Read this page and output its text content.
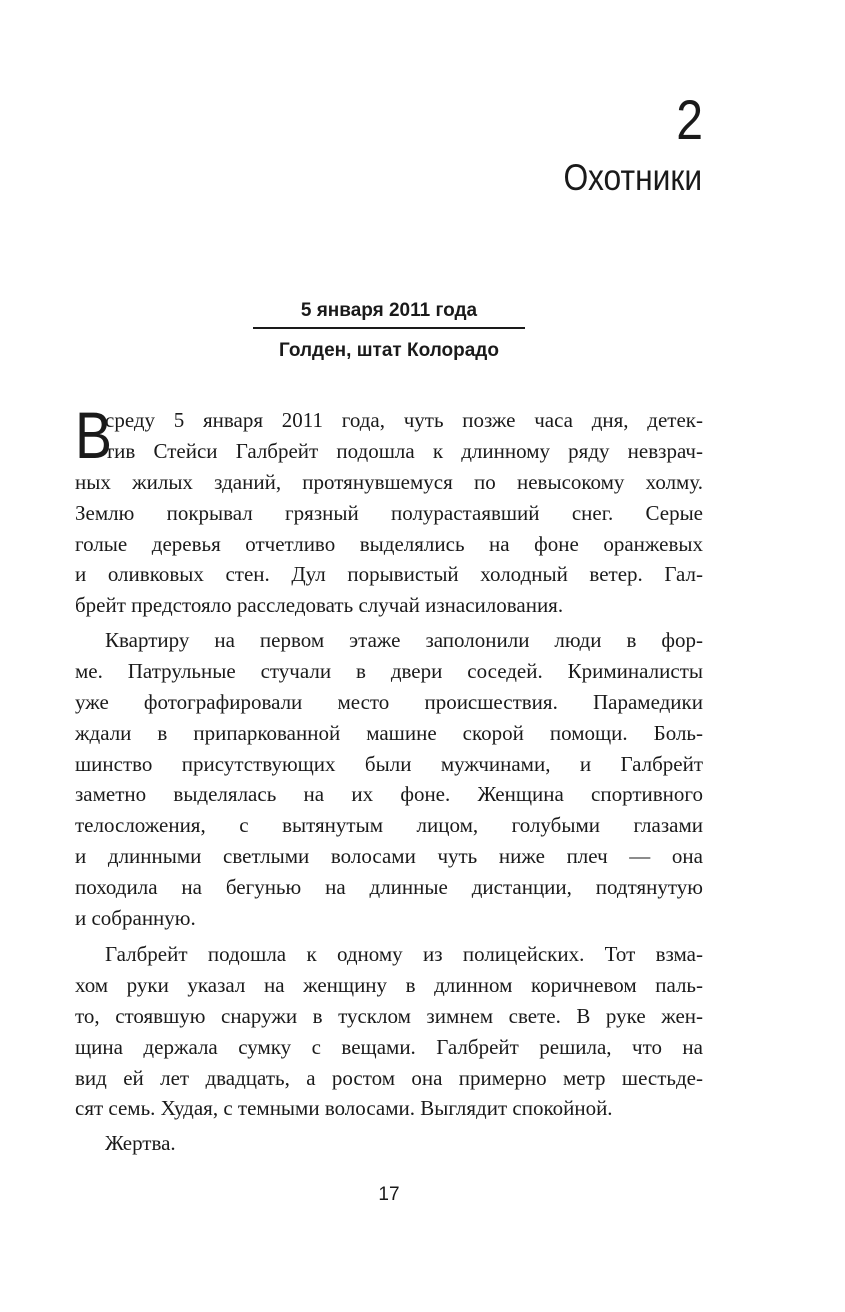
2
Охотники
5 января 2011 года
Голден, штат Колорадо
В
среду 5 января 2011 года, чуть позже часа дня, детек-
тив Стейси Галбрейт подошла к длинному ряду невзрач-
ных жилых зданий, протянувшемуся по невысокому холму.
Землю покрывал грязный полурастаявший снег. Серые
голые деревья отчетливо выделялись на фоне оранжевых
и оливковых стен. Дул порывистый холодный ветер. Гал-
брейт предстояло расследовать случай изнасилования.
Квартиру на первом этаже заполонили люди в фор-
ме. Патрульные стучали в двери соседей. Криминалисты
уже фотографировали место происшествия. Парамедики
ждали в припаркованной машине скорой помощи. Боль-
шинство присутствующих были мужчинами, и Галбрейт
заметно выделялась на их фоне. Женщина спортивного
телосложения, с вытянутым лицом, голубыми глазами
и длинными светлыми волосами чуть ниже плеч — она
походила на бегунью на длинные дистанции, подтянутую
и собранную.
Галбрейт подошла к одному из полицейских. Тот взма-
хом руки указал на женщину в длинном коричневом паль-
то, стоявшую снаружи в тусклом зимнем свете. В руке жен-
щина держала сумку с вещами. Галбрейт решила, что на
вид ей лет двадцать, а ростом она примерно метр шестьде-
сят семь. Худая, с темными волосами. Выглядит спокойной.
Жертва.
17
